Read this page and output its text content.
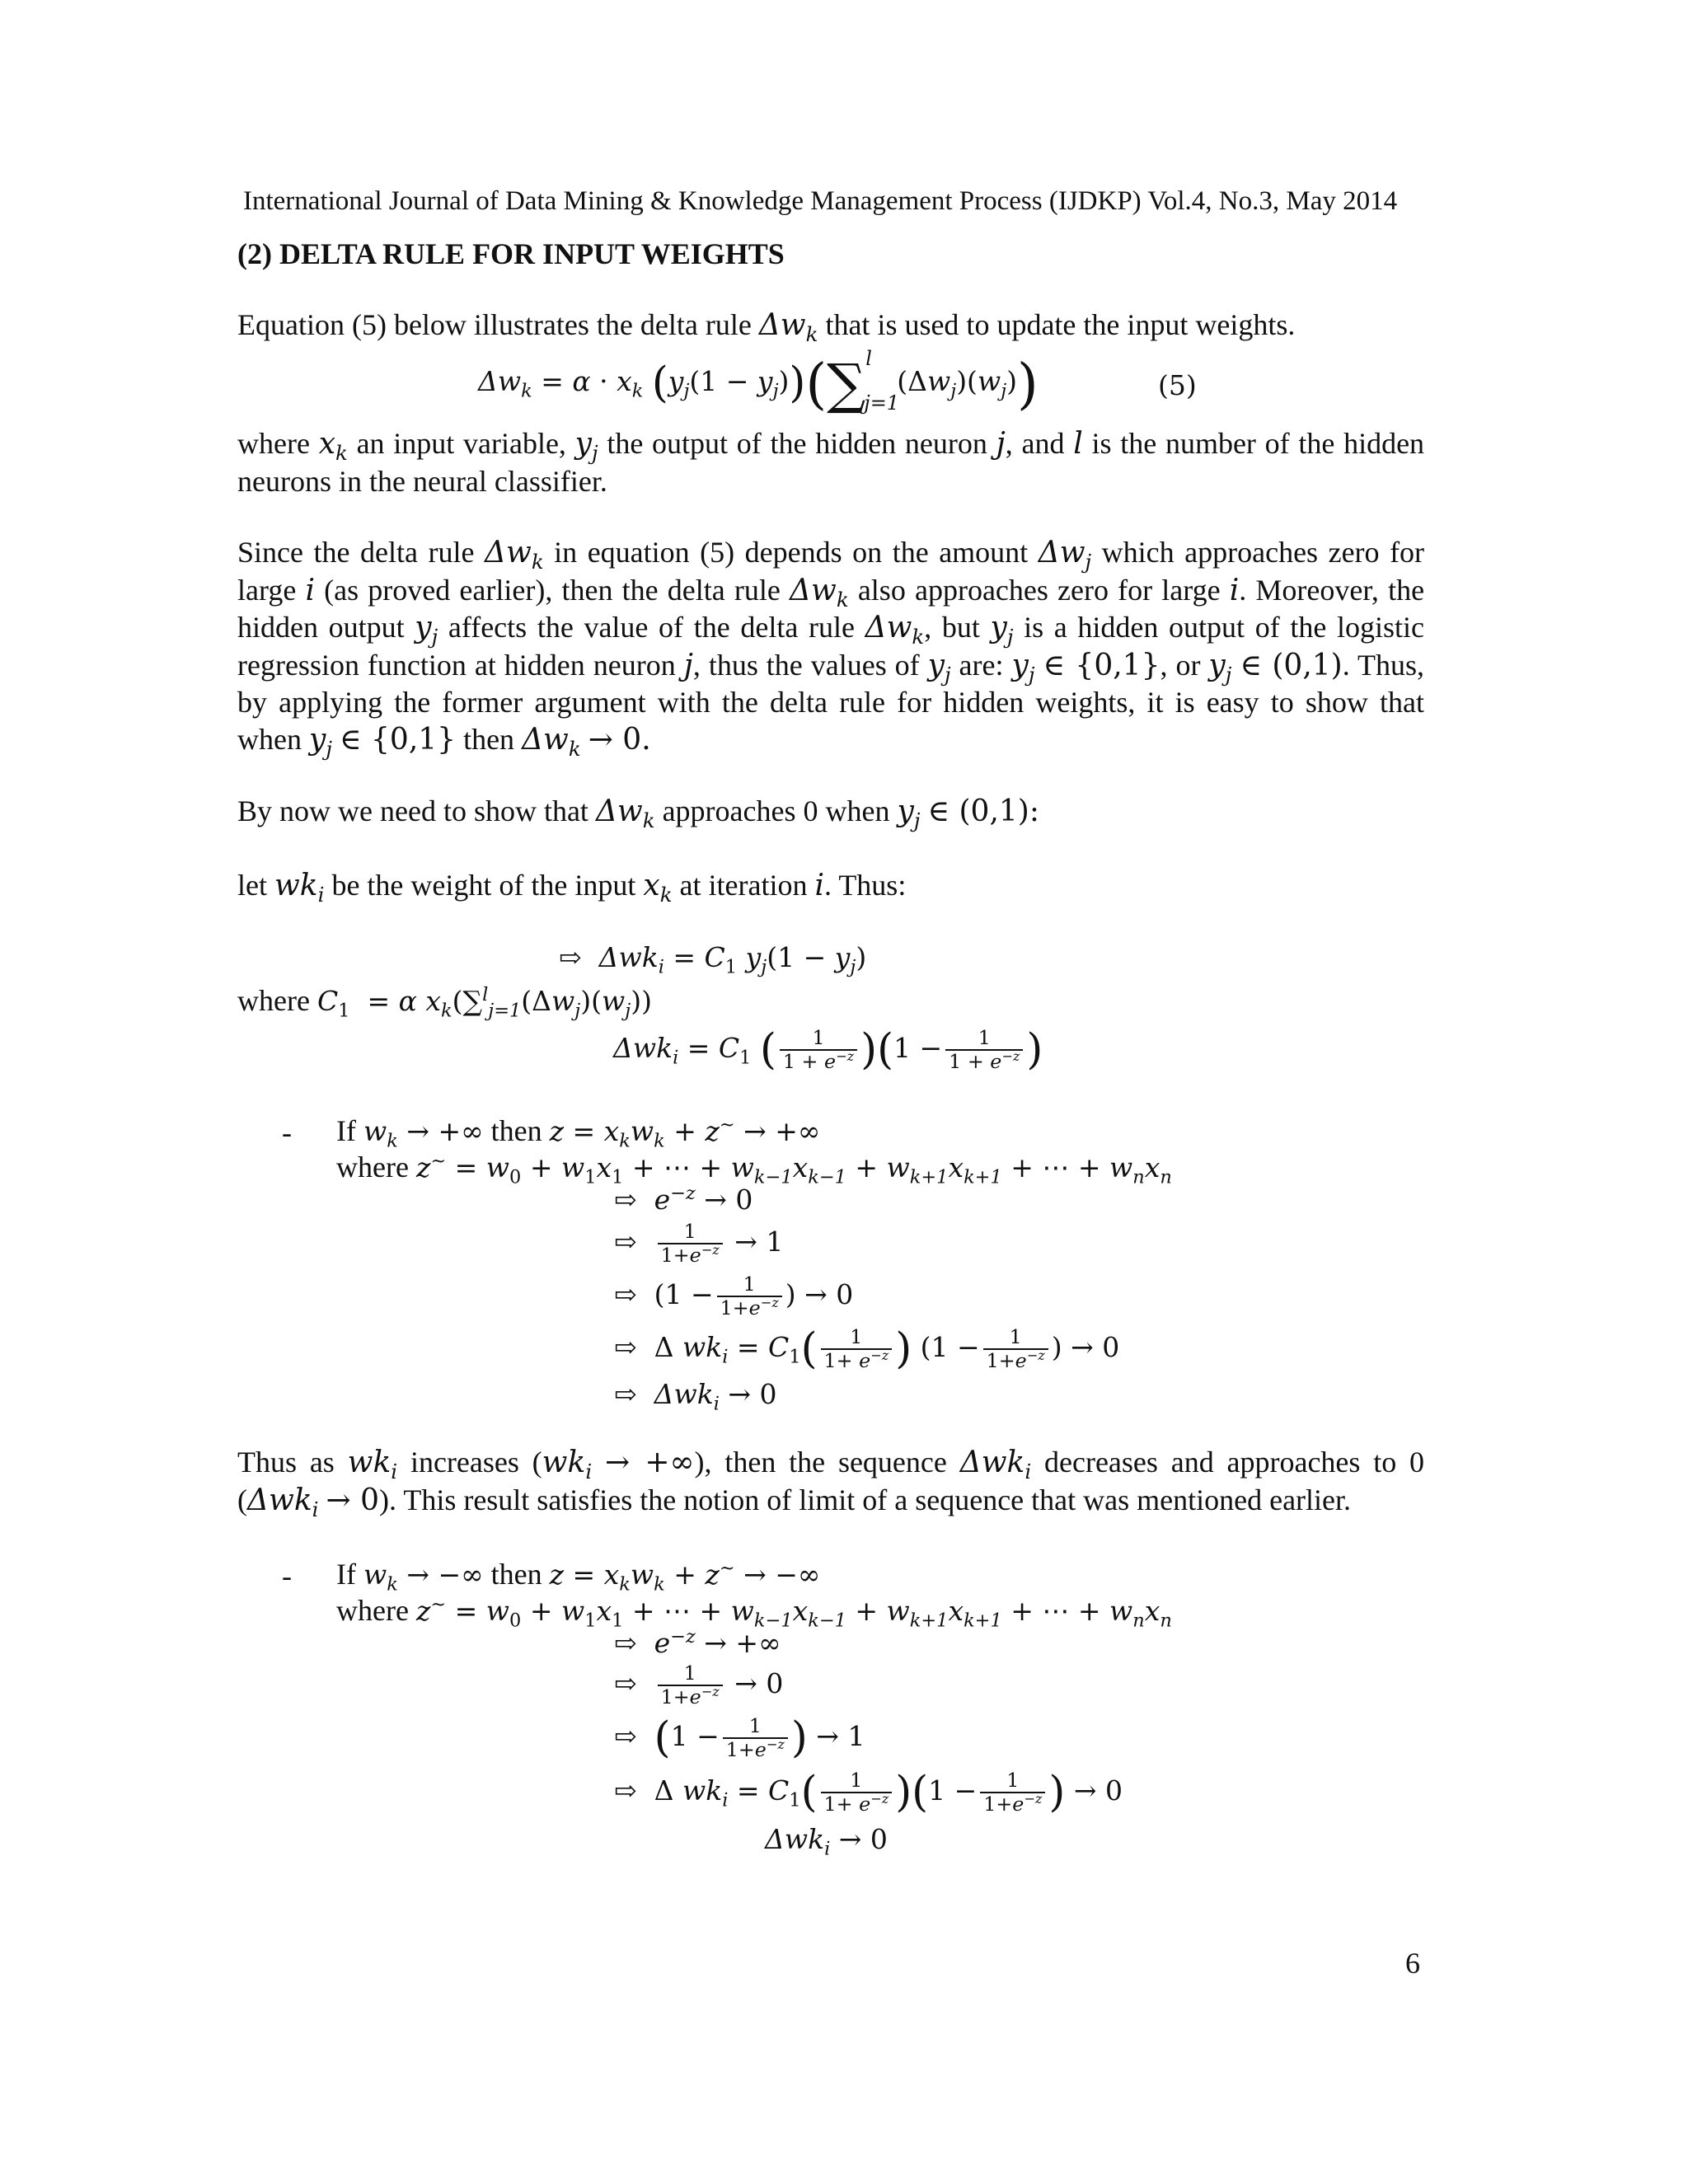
International Journal of Data Mining & Knowledge Management Process (IJDKP) Vol.4, No.3, May 2014
(2) DELTA RULE FOR INPUT WEIGHTS
Equation (5) below illustrates the delta rule $\Delta w_k$ that is used to update the input weights.
$\Delta w_k = \alpha \cdot x_k$ $(y_j(1 - y_j))(\sum$ l
j=1
$(\Delta w_j)(w_j)$)	(5)
where $x_k$ an input variable, $y_j$ the output of the hidden neuron j, and l is the number of the hidden neurons in the neural classifier.
Since the delta rule $\Delta w_k$ in equation (5) depends on the amount $\Delta w_j$ which approaches zero for large i (as proved earlier), then the delta rule $\Delta w_k$ also approaches zero for large i. Moreover, the hidden output $y_j$ affects the value of the delta rule $\Delta w_k$, but $y_j$ is a hidden output of the logistic regression function at hidden neuron j, thus the values of $y_j$ are: $y_j$ ∈ {0,1}, or $y_j$ ∈ (0,1). Thus, by applying the former argument with the delta rule for hidden weights, it is easy to show that when $y_j$ ∈ {0,1} then $\Delta w_k \to 0$.
By now we need to show that $\Delta w_k$ approaches 0 when $y_j$ ∈ (0,1):
let $wk_i$ be the weight of the input $x_k$ at iteration i. Thus:
⇨ $\Delta wk_i = C_1$ $y_j(1 - y_j)$
where $C_1 = \alpha$ $x_k(\sum^l_{j=1}(\Delta w_j)(w_j))$
$\Delta wk_i = C_1$ ( $\frac{1}{1 + e^{-z}} )(1 - \frac{1}{1 + e^{-z}}$ )
- If $w_k$ → +∞ then $z = x_kw_k + z^\sim$ → +∞
where $z^\sim = w_0 + w_1x_1$ + ⋯ + $w_{k-1}x_{k-1} + w_{k+1}x_{k+1}$ + ⋯ + $w_nx_n$
⇨ $e^{-z} \to 0$
⇨ $\frac{1}{1+e^{-z}} \to 1$
⇨ ($1 - \frac{1}{1+e^{-z}}$ ) → 0
⇨ Δ $wk_i = C_1( \frac{1}{1+ e^{-z}}$ ) ($1 - \frac{1}{1+e^{-z}}$ ) → 0
⇨ Δwk$_i$ → 0
Thus as $wk_i$ increases ($wk_i$ → +∞), then the sequence Δwk$_i$ decreases and approaches to 0 (Δwk$_i$ → 0). This result satisfies the notion of limit of a sequence that was mentioned earlier.
- If $w_k$ → −∞ then $z = x_kw_k + z^\sim$ → −∞
where $z^\sim = w_0 + w_1x_1$ + ⋯ + $w_{k-1}x_{k-1} + w_{k+1}x_{k+1}$ + ⋯ + $w_nx_n$
⇨ $e^{-z}$ → +∞
⇨ $\frac{1}{1+e^{-z}} \to 0$
⇨ ($1 - \frac{1}{1+e^{-z}}$ ) → 1
⇨ Δ $wk_i = C_1( \frac{1}{1+ e^{-z}} )(1 - \frac{1}{1+e^{-z}}$ ) → 0
Δwk$_i$ → 0
6
